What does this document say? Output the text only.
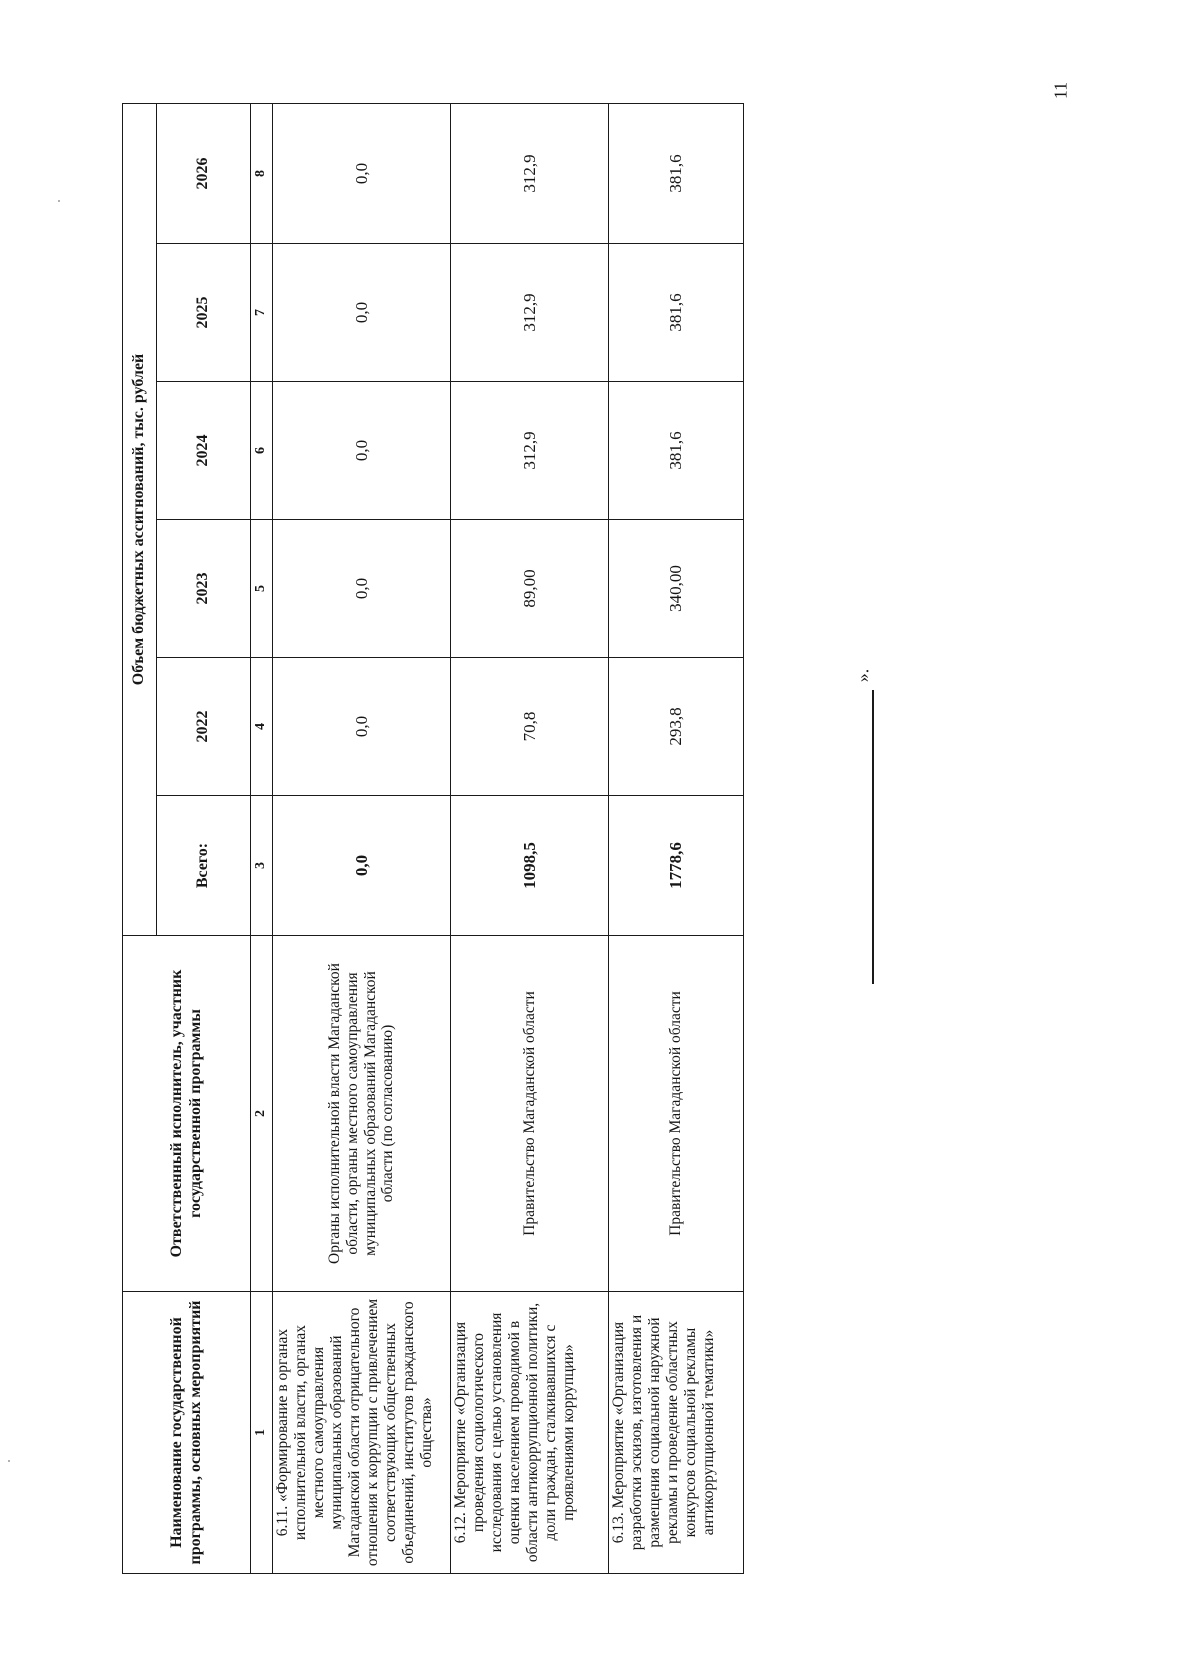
11
Наименование государственной программы, основных мероприятий	Ответственный исполнитель, участник государственной программы	Объем бюджетных ассигнований, тыс. рублей					
		Всего:	2022	2023	2024	2025	2026
1	2	3	4	5	6	7	8
6.11. «Формирование в органах исполнительной власти, органах местного самоуправления муниципальных образований Магаданской области отрицательного отношения к коррупции с привлечением соответствующих общественных объединений, институтов гражданского общества»	Органы исполнительной власти Магаданской области, органы местного самоуправления муниципальных образований Магаданской области (по согласованию)	0,0	0,0	0,0	0,0	0,0	0,0
6.12. Мероприятие «Организация проведения социологического исследования с целью установления оценки населением проводимой в области антикоррупционной политики, доли граждан, сталкивавшихся с проявлениями коррупции»	Правительство Магаданской области	1098,5	70,8	89,00	312,9	312,9	312,9
6.13. Мероприятие «Организация разработки эскизов, изготовления и размещения социальной наружной рекламы и проведение областных конкурсов социальной рекламы антикоррупционной тематики»	Правительство Магаданской области	1778,6	293,8	340,00	381,6	381,6	381,6
».
